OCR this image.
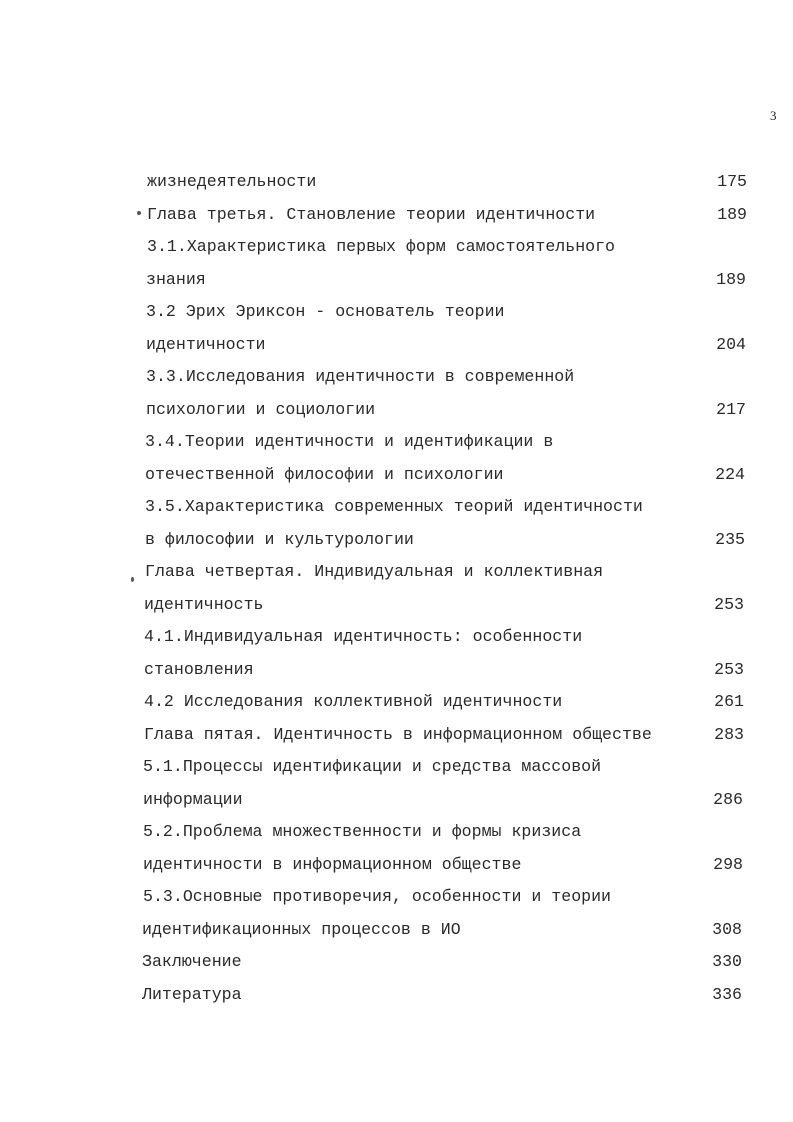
3
жизнедеятельности	175
Глава третья. Становление теории идентичности	189
3.1.Характеристика первых форм самостоятельного
знания	189
3.2 Эрих Эриксон - основатель теории
идентичности	204
3.3.Исследования идентичности в современной
психологии и социологии	217
3.4.Теории идентичности и идентификации в
отечественной философии и психологии	224
3.5.Характеристика современных теорий идентичности
в философии и культурологии	235
Глава четвертая. Индивидуальная и коллективная
идентичность	253
4.1.Индивидуальная идентичность: особенности
становления	253
4.2 Исследования коллективной идентичности	261
Глава пятая. Идентичность в информационном обществе	283
5.1.Процессы идентификации и средства массовой
информации	286
5.2.Проблема множественности и формы кризиса
идентичности в информационном обществе	298
5.3.Основные противоречия, особенности и теории
идентификационных процессов в ИО	308
Заключение	330
Литература	336
